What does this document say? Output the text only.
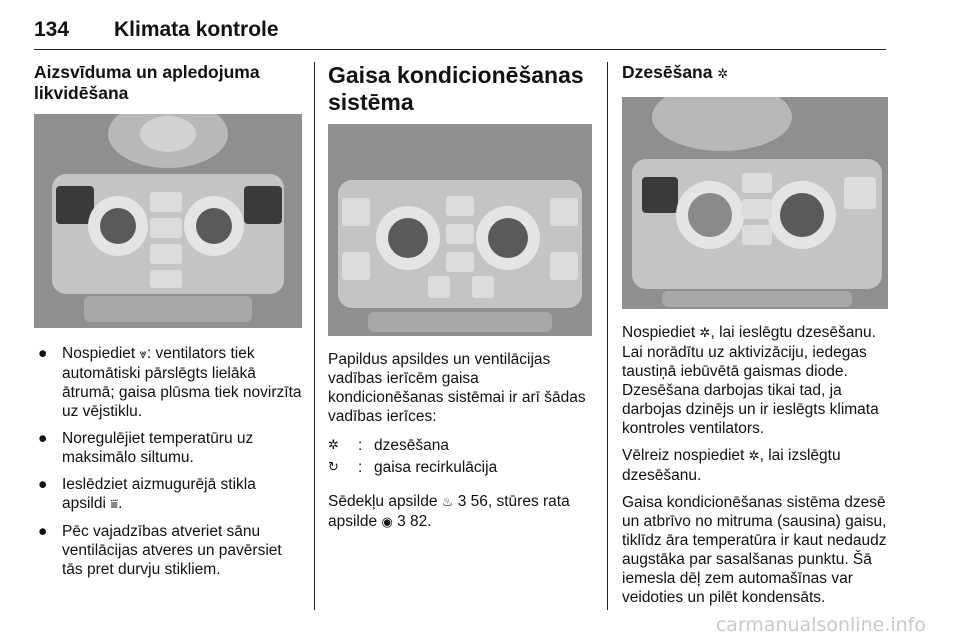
134 Klimata kontrole
Aizsvīduma un apledojuma likvidēšana
● Nospiediet ⩔: ventilators tiek automātiski pārslēgts lielākā ātrumā; gaisa plūsma tiek novirzīta uz vējstiklu.
● Noregulējiet temperatūru uz maksimālo siltumu.
● Ieslēdziet aizmugurējā stikla apsildi ⩸.
● Pēc vajadzības atveriet sānu ventilācijas atveres un pavērsiet tās pret durvju stikliem.
Gaisa kondicionēšanas sistēma

Papildus apsildes un ventilācijas vadības ierīcēm gaisa kondicionēšanas sistēmai ir arī šādas vadības ierīces:

✲	: dzesēšana
↻	: gaisa recirkulācija

Sēdekļu apsilde ♨ 3 56, stūres rata apsilde ◉ 3 82.

Dzesēšana ✲

Nospiediet ✲, lai ieslēgtu dzesēšanu. Lai norādītu uz aktivizāciju, iedegas taustiņā iebūvētā gaismas diode. Dzesēšana darbojas tikai tad, ja darbojas dzinējs un ir ieslēgts klimata kontroles ventilators.

Vēlreiz nospiediet ✲, lai izslēgtu dzesēšanu.

Gaisa kondicionēšanas sistēma dzesē un atbrīvo no mitruma (sausina) gaisu, tiklīdz āra temperatūra ir kaut nedaudz augstāka par sasalšanas punktu. Šā iemesla dēļ zem automašīnas var veidoties un pilēt kondensāts.

carmanualsonline.info
